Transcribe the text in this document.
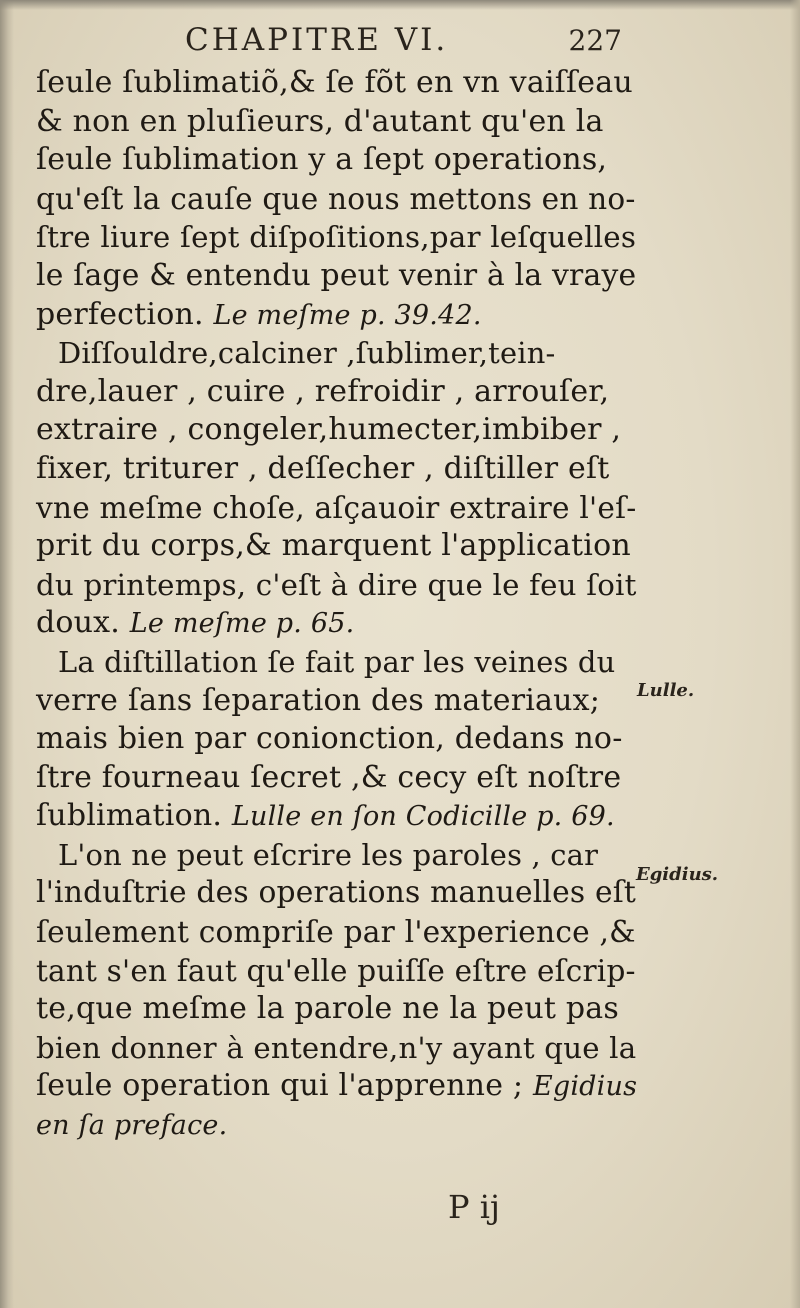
CHAPITRE VI.	227
ſeule ſublimatiõ,& ſe fõt en vn vaiſſeau
& non en pluſieurs, d'autant qu'en la
ſeule ſublimation y a ſept operations,
qu'eſt la cauſe que nous mettons en no-
ſtre liure ſept diſpoſitions,par leſquelles
le ſage & entendu peut venir à la vraye
perfection. Le meſme p. 39.42.
Diſſouldre,calciner ,ſublimer,tein-
dre,lauer , cuire , refroidir , arrouſer,
extraire , congeler,humecter,imbiber ,
fixer, triturer , deſſecher , diſtiller eſt
vne meſme choſe, aſçauoir extraire l'eſ-
prit du corps,& marquent l'application
du printemps, c'eſt à dire que le feu ſoit
doux. Le meſme p. 65.
La diſtillation ſe fait par les veines du
verre ſans ſeparation des materiaux;
mais bien par conionction, dedans no-
ſtre fourneau ſecret ,& cecy eſt noſtre
ſublimation. Lulle en ſon Codicille p. 69.
L'on ne peut eſcrire les paroles , car
l'induſtrie des operations manuelles eſt
ſeulement compriſe par l'experience ,&
tant s'en faut qu'elle puiſſe eſtre eſcrip-
te,que meſme la parole ne la peut pas
bien donner à entendre,n'y ayant que la
ſeule operation qui l'apprenne ; Egidius
en ſa preface.
Lulle.
Egidius.
P ij
